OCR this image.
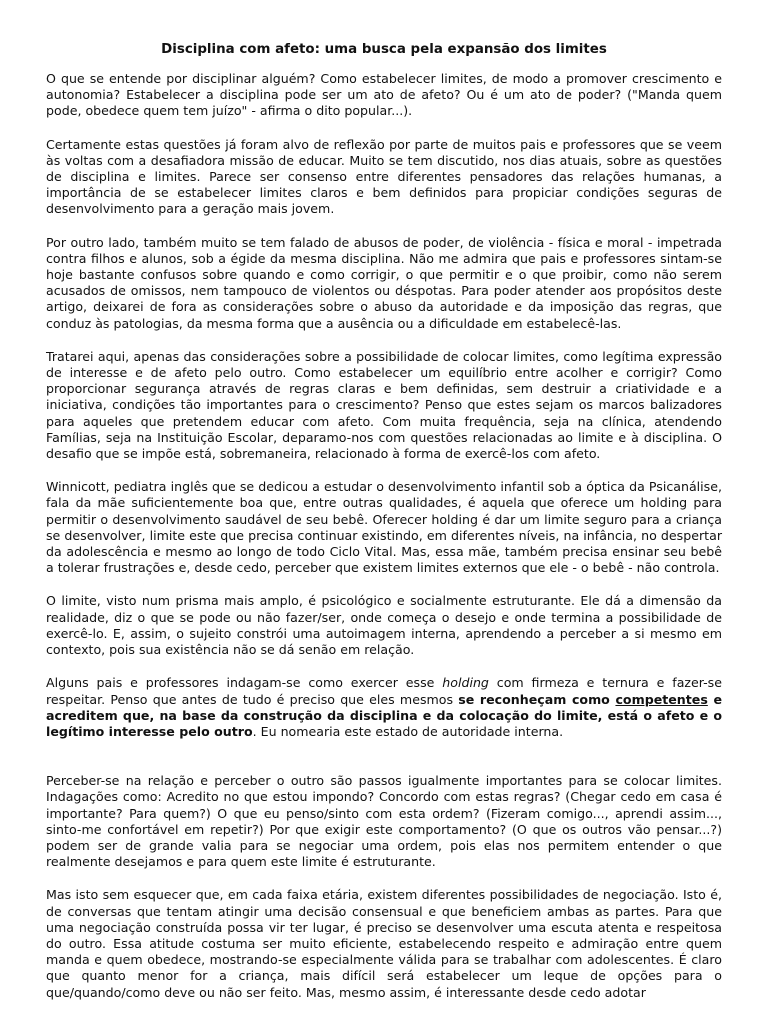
Disciplina com afeto: uma busca pela expansão dos limites

O que se entende por disciplinar alguém? Como estabelecer limites, de modo a promover crescimento e autonomia? Estabelecer a disciplina pode ser um ato de afeto? Ou é um ato de poder? ("Manda quem pode, obedece quem tem juízo" - afirma o dito popular...).

Certamente estas questões já foram alvo de reflexão por parte de muitos pais e professores que se veem às voltas com a desafiadora missão de educar. Muito se tem discutido, nos dias atuais, sobre as questões de disciplina e limites. Parece ser consenso entre diferentes pensadores das relações humanas, a importância de se estabelecer limites claros e bem definidos para propiciar condições seguras de desenvolvimento para a geração mais jovem.

Por outro lado, também muito se tem falado de abusos de poder, de violência - física e moral - impetrada contra filhos e alunos, sob a égide da mesma disciplina. Não me admira que pais e professores sintam-se hoje bastante confusos sobre quando e como corrigir, o que permitir e o que proibir, como não serem acusados de omissos, nem tampouco de violentos ou déspotas. Para poder atender aos propósitos deste artigo, deixarei de fora as considerações sobre o abuso da autoridade e da imposição das regras, que conduz às patologias, da mesma forma que a ausência ou a dificuldade em estabelecê-las.

Tratarei aqui, apenas das considerações sobre a possibilidade de colocar limites, como legítima expressão de interesse e de afeto pelo outro. Como estabelecer um equilíbrio entre acolher e corrigir? Como proporcionar segurança através de regras claras e bem definidas, sem destruir a criatividade e a iniciativa, condições tão importantes para o crescimento? Penso que estes sejam os marcos balizadores para aqueles que pretendem educar com afeto. Com muita frequência, seja na clínica, atendendo Famílias, seja na Instituição Escolar, deparamo-nos com questões relacionadas ao limite e à disciplina. O desafio que se impõe está, sobremaneira, relacionado à forma de exercê-los com afeto.

Winnicott, pediatra inglês que se dedicou a estudar o desenvolvimento infantil sob a óptica da Psicanálise, fala da mãe suficientemente boa que, entre outras qualidades, é aquela que oferece um holding para permitir o desenvolvimento saudável de seu bebê. Oferecer holding é dar um limite seguro para a criança se desenvolver, limite este que precisa continuar existindo, em diferentes níveis, na infância, no despertar da adolescência e mesmo ao longo de todo Ciclo Vital. Mas, essa mãe, também precisa ensinar seu bebê a tolerar frustrações e, desde cedo, perceber que existem limites externos que ele - o bebê - não controla.

O limite, visto num prisma mais amplo, é psicológico e socialmente estruturante. Ele dá a dimensão da realidade, diz o que se pode ou não fazer/ser, onde começa o desejo e onde termina a possibilidade de exercê-lo. E, assim, o sujeito constrói uma autoimagem interna, aprendendo a perceber a si mesmo em contexto, pois sua existência não se dá senão em relação.

Alguns pais e professores indagam-se como exercer esse holding com firmeza e ternura e fazer-se respeitar. Penso que antes de tudo é preciso que eles mesmos se reconheçam como competentes e acreditem que, na base da construção da disciplina e da colocação do limite, está o afeto e o legítimo interesse pelo outro. Eu nomearia este estado de autoridade interna.

Perceber-se na relação e perceber o outro são passos igualmente importantes para se colocar limites. Indagações como: Acredito no que estou impondo? Concordo com estas regras? (Chegar cedo em casa é importante? Para quem?) O que eu penso/sinto com esta ordem? (Fizeram comigo..., aprendi assim..., sinto-me confortável em repetir?) Por que exigir este comportamento? (O que os outros vão pensar...?) podem ser de grande valia para se negociar uma ordem, pois elas nos permitem entender o que realmente desejamos e para quem este limite é estruturante.

Mas isto sem esquecer que, em cada faixa etária, existem diferentes possibilidades de negociação. Isto é, de conversas que tentam atingir uma decisão consensual e que beneficiem ambas as partes. Para que uma negociação construída possa vir ter lugar, é preciso se desenvolver uma escuta atenta e respeitosa do outro. Essa atitude costuma ser muito eficiente, estabelecendo respeito e admiração entre quem manda e quem obedece, mostrando-se especialmente válida para se trabalhar com adolescentes. É claro que quanto menor for a criança, mais difícil será estabelecer um leque de opções para o que/quando/como deve ou não ser feito. Mas, mesmo assim, é interessante desde cedo adotar
